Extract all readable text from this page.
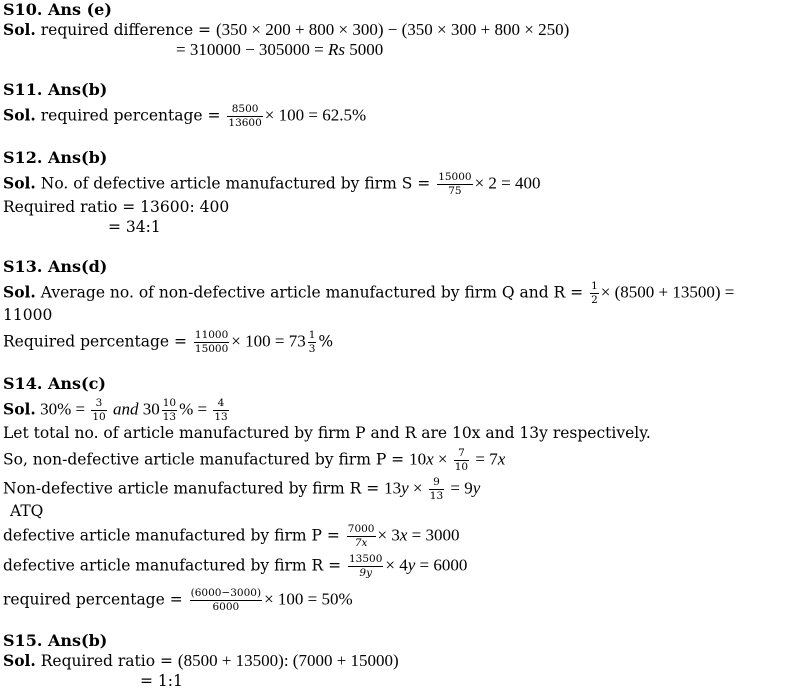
S10. Ans (e)
Sol. required difference = (350 × 200 + 800 × 300) − (350 × 300 + 800 × 250)
= 310000 − 305000 = Rs 5000
S11. Ans(b)
Sol. required percentage = $\frac{8500}{13600} \times 100 = 62.5\%$
S12. Ans(b)
Sol. No. of defective article manufactured by firm $S = \frac{15000}{75} \times 2 = 400$
Required ratio = 13600: 400
= 34:1
S13. Ans(d)
Sol. Average no. of non-defective article manufactured by firm Q and $R = \frac{1}{2} \times (8500 + 13500)$ =
11000
Required percentage = $\frac{11000}{15000} \times 100 = 73 \frac{1}{3}$ %
S14. Ans(c)
Sol. $30\% = \frac{3}{10}$ and $30 \frac{10}{13}$ % = $\frac{4}{13}$
Let total no. of article manufactured by firm P and R are 10x and 13y respectively.
So, non-defective article manufactured by firm $P = 10x \times \frac{7}{10} = 7x$
Non-defective article manufactured by firm $R = 13y \times \frac{9}{13} = 9y$
ATQ
defective article manufactured by firm $P = \frac{7000}{7x} \times 3x = 3000$
defective article manufactured by firm $R = \frac{13500}{9y} \times 4y = 6000$
required percentage = $\frac{(6000-3000)}{6000} \times 100 = 50\%$
S15. Ans(b)
Sol. Required ratio = (8500 + 13500): (7000 + 15000)
= 1:1
